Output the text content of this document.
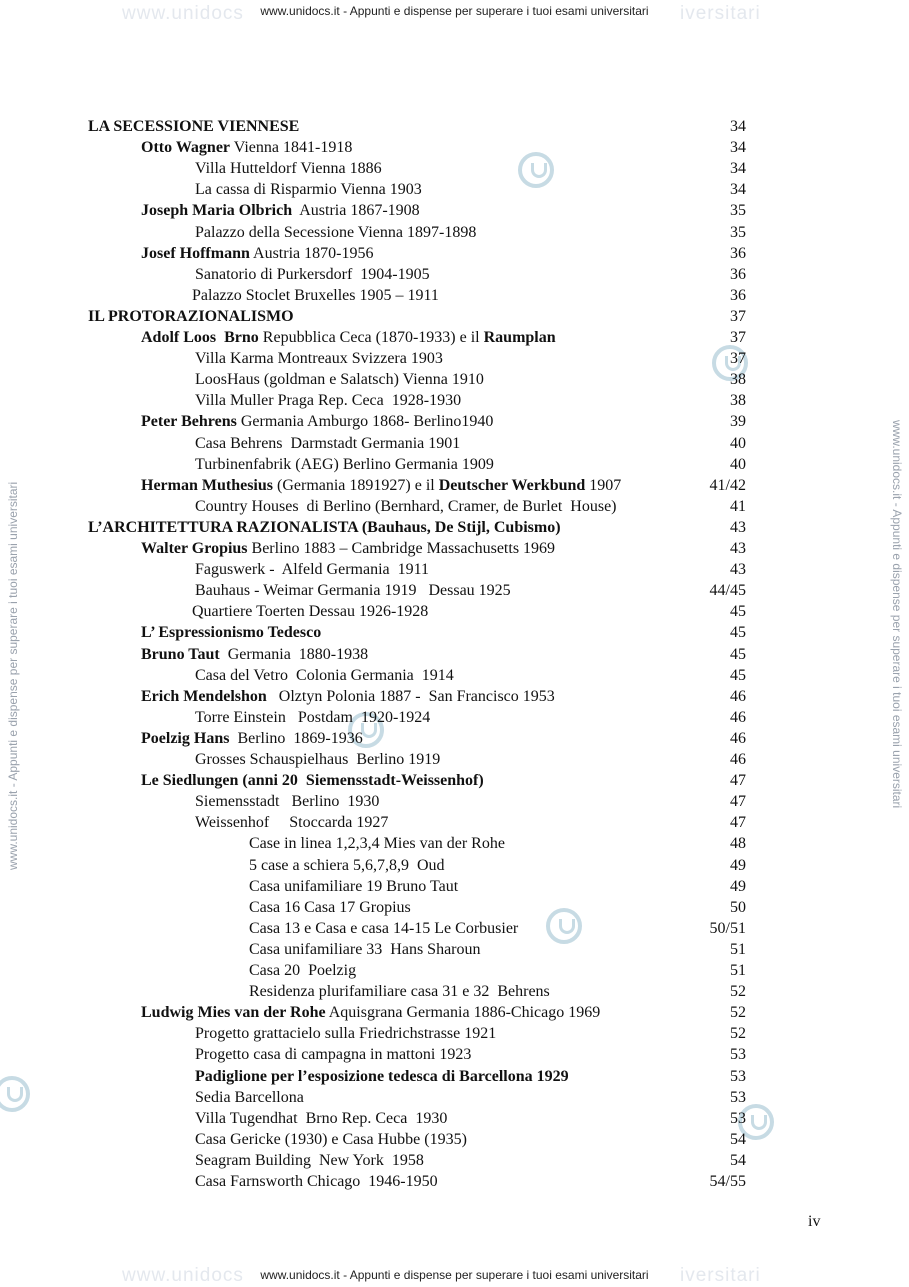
www.unidocs	iversitari
www.unidocs.it - Appunti e dispense per superare i tuoi esami universitari
www.unidocs	iversitari
www.unidocs.it - Appunti e dispense per superare i tuoi esami universitari
www.unidocs.it - Appunti e dispense per superare i tuoi esami universitari	www.unidocs.it - Appunti e dispense per superare i tuoi esami universitari
LA SECESSIONE VIENNESE	34
Otto Wagner Vienna 1841-1918	34
Villa Hutteldorf Vienna 1886	34
La cassa di Risparmio Vienna 1903	34
Joseph Maria Olbrich  Austria 1867-1908	35
Palazzo della Secessione Vienna 1897-1898	35
Josef Hoffmann Austria 1870-1956	36
Sanatorio di Purkersdorf  1904-1905	36
Palazzo Stoclet Bruxelles 1905 – 1911	36
IL PROTORAZIONALISMO	37
Adolf Loos  Brno Repubblica Ceca (1870-1933) e il Raumplan	37
Villa Karma Montreaux Svizzera 1903	37
LoosHaus (goldman e Salatsch) Vienna 1910	38
Villa Muller Praga Rep. Ceca  1928-1930	38
Peter Behrens Germania Amburgo 1868- Berlino1940	39
Casa Behrens  Darmstadt Germania 1901	40
Turbinenfabrik (AEG) Berlino Germania 1909	40
Herman Muthesius (Germania 1891927) e il Deutscher Werkbund 1907	41/42
Country Houses  di Berlino (Bernhard, Cramer, de Burlet  House)	41
L’ARCHITETTURA RAZIONALISTA (Bauhaus, De Stijl, Cubismo)	43
Walter Gropius Berlino 1883 – Cambridge Massachusetts 1969	43
Faguswerk -  Alfeld Germania  1911	43
Bauhaus - Weimar Germania 1919   Dessau 1925	44/45
Quartiere Toerten Dessau 1926-1928	45
L’ Espressionismo Tedesco	45
Bruno Taut  Germania  1880-1938	45
Casa del Vetro  Colonia Germania  1914	45
Erich Mendelshon   Olztyn Polonia 1887 -  San Francisco 1953	46
Torre Einstein   Postdam  1920-1924	46
Poelzig Hans  Berlino  1869-1936	46
Grosses Schauspielhaus  Berlino 1919	46
Le Siedlungen (anni 20  Siemensstadt-Weissenhof)	47
Siemensstadt   Berlino  1930	47
Weissenhof     Stoccarda 1927	47
Case in linea 1,2,3,4 Mies van der Rohe	48
5 case a schiera 5,6,7,8,9  Oud	49
Casa unifamiliare 19 Bruno Taut	49
Casa 16 Casa 17 Gropius	50
Casa 13 e Casa e casa 14-15 Le Corbusier	50/51
Casa unifamiliare 33  Hans Sharoun	51
Casa 20  Poelzig	51
Residenza plurifamiliare casa 31 e 32  Behrens	52
Ludwig Mies van der Rohe Aquisgrana Germania 1886-Chicago 1969	52
Progetto grattacielo sulla Friedrichstrasse 1921	52
Progetto casa di campagna in mattoni 1923	53
Padiglione per l’esposizione tedesca di Barcellona 1929	53
Sedia Barcellona	53
Villa Tugendhat  Brno Rep. Ceca  1930	53
Casa Gericke (1930) e Casa Hubbe (1935)	54
Seagram Building  New York  1958	54
Casa Farnsworth Chicago  1946-1950	54/55
iv
